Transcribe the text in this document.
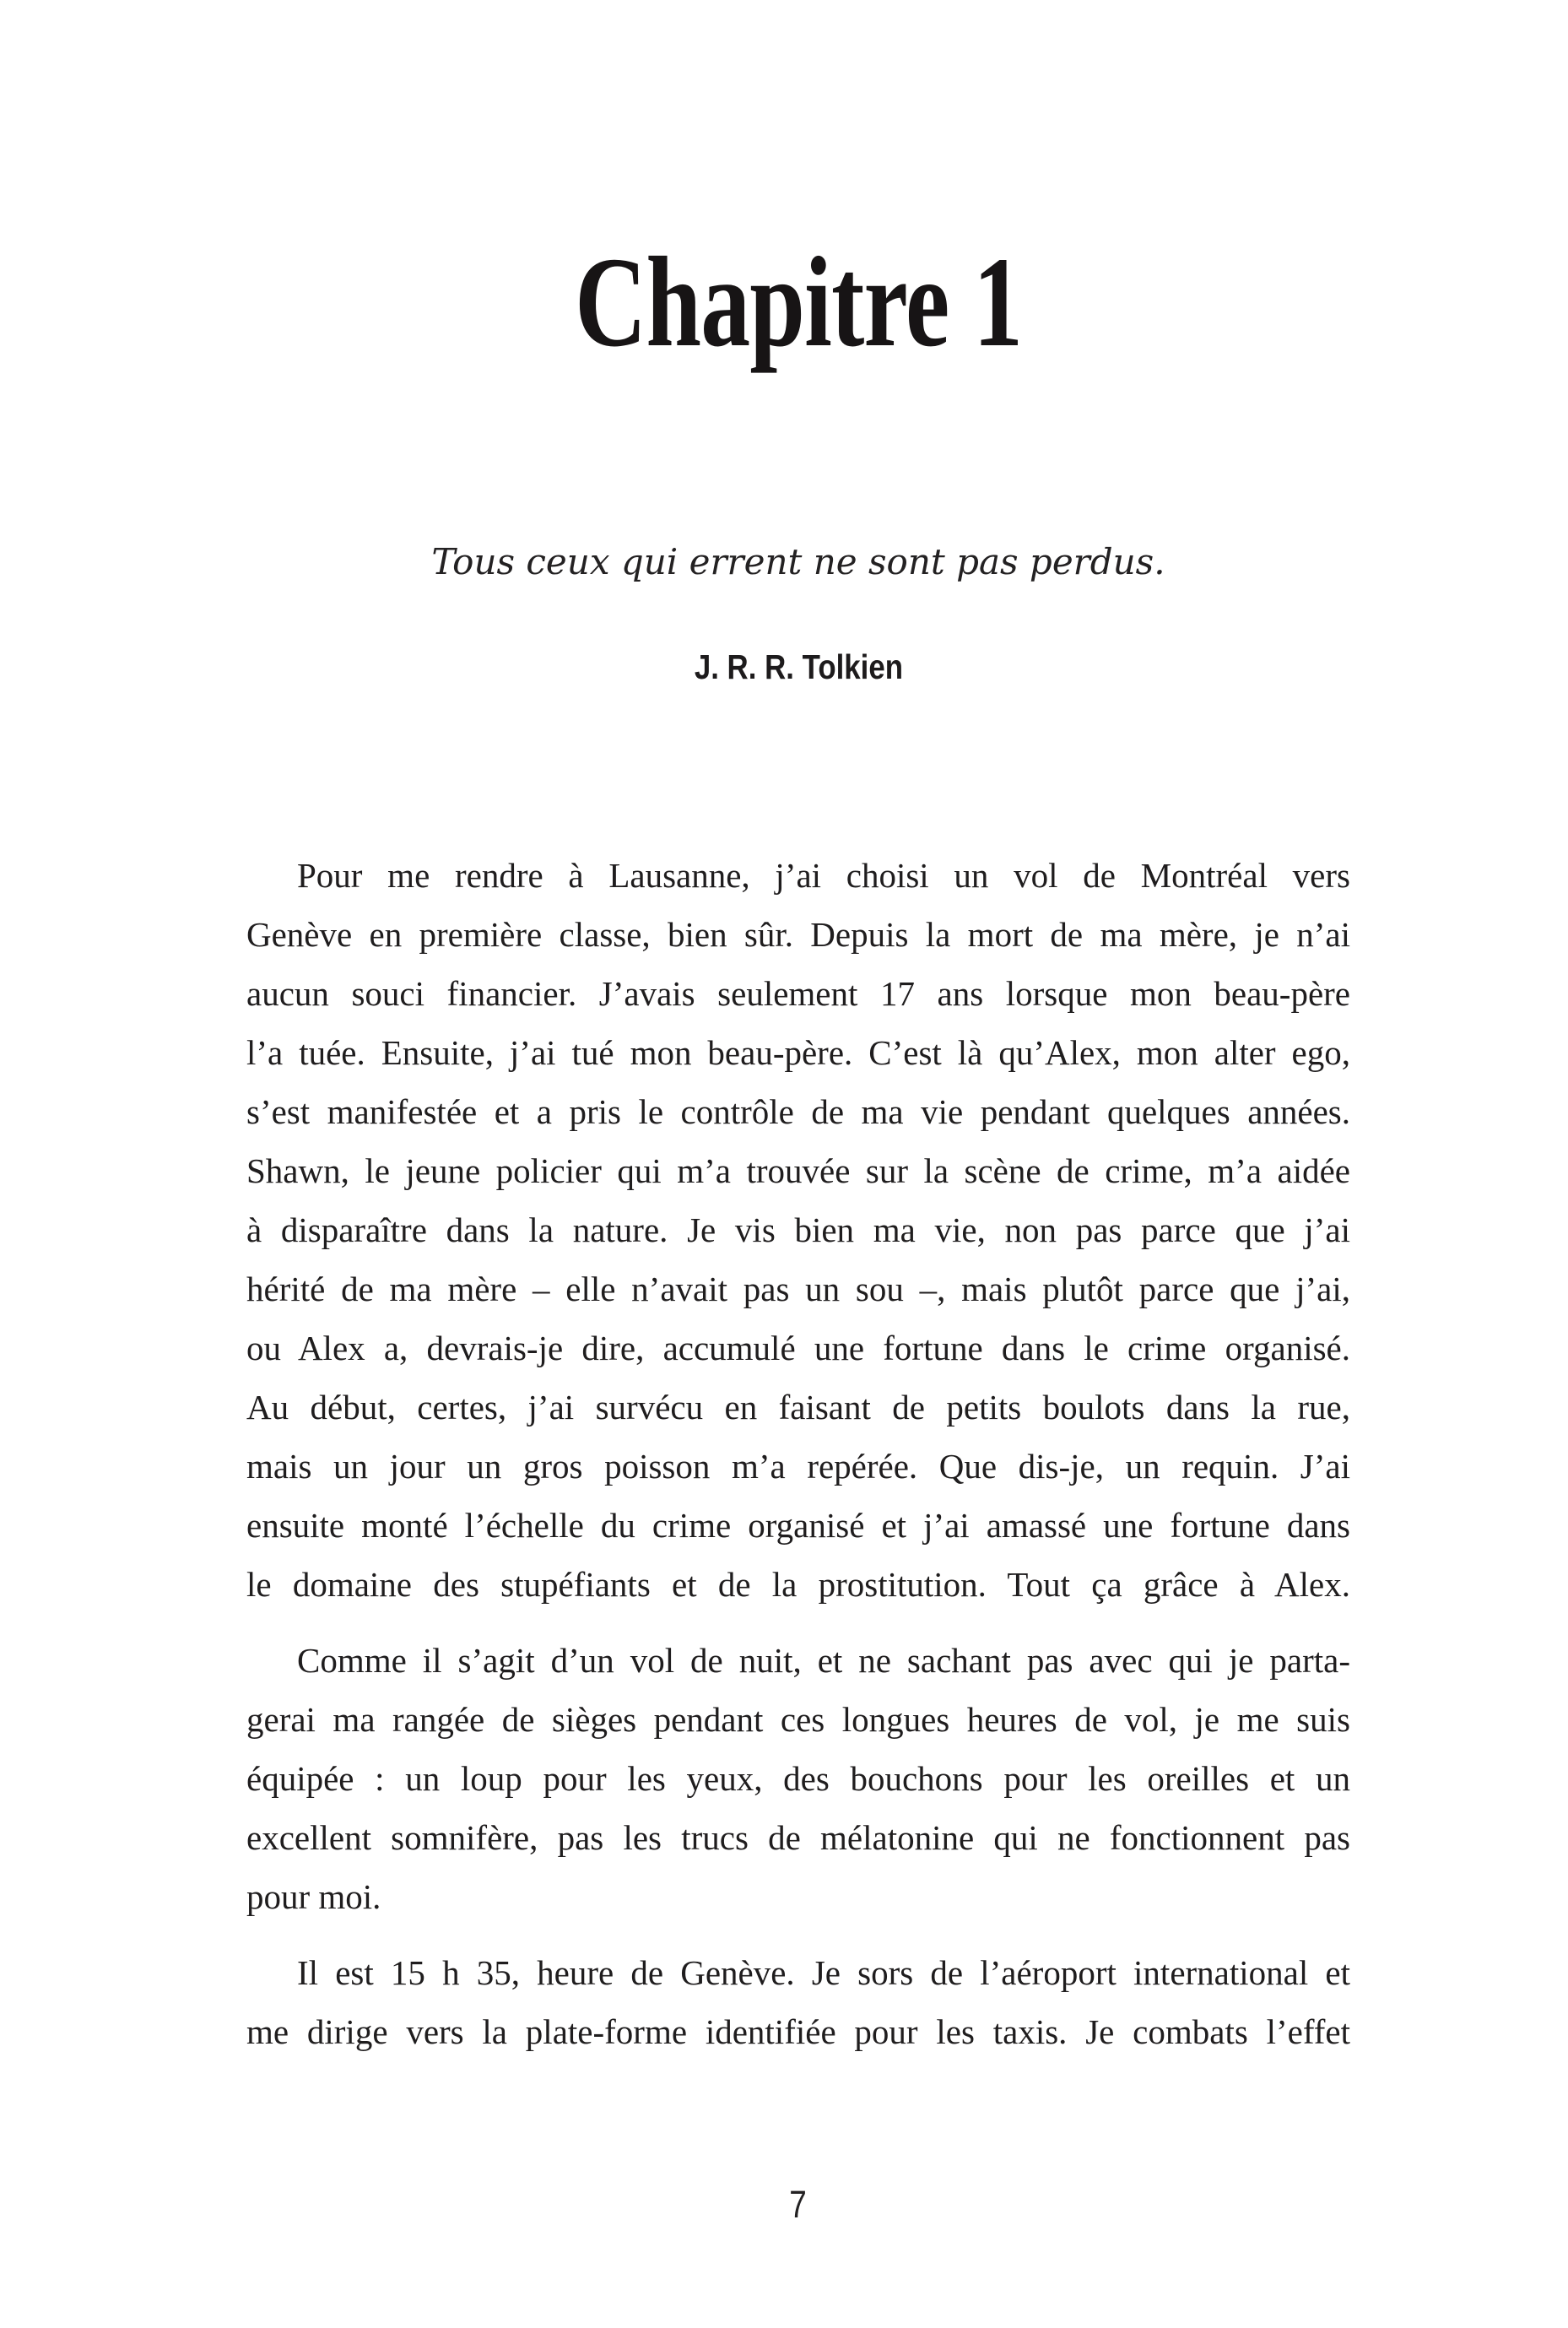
Chapitre 1
Tous ceux qui errent ne sont pas perdus.
J. R. R. Tolkien
Pour me rendre à Lausanne, j’ai choisi un vol de Montréal vers
Genève en première classe, bien sûr. Depuis la mort de ma mère, je n’ai
aucun souci financier. J’avais seulement 17 ans lorsque mon beau-père
l’a tuée. Ensuite, j’ai tué mon beau-père. C’est là qu’Alex, mon alter ego,
s’est manifestée et a pris le contrôle de ma vie pendant quelques années.
Shawn, le jeune policier qui m’a trouvée sur la scène de crime, m’a aidée
à disparaître dans la nature. Je vis bien ma vie, non pas parce que j’ai
hérité de ma mère – elle n’avait pas un sou –, mais plutôt parce que j’ai,
ou Alex a, devrais-je dire, accumulé une fortune dans le crime organisé.
Au début, certes, j’ai survécu en faisant de petits boulots dans la rue,
mais un jour un gros poisson m’a repérée. Que dis-je, un requin. J’ai
ensuite monté l’échelle du crime organisé et j’ai amassé une fortune dans
le domaine des stupéfiants et de la prostitution. Tout ça grâce à Alex.
Comme il s’agit d’un vol de nuit, et ne sachant pas avec qui je parta-
gerai ma rangée de sièges pendant ces longues heures de vol, je me suis
équipée : un loup pour les yeux, des bouchons pour les oreilles et un
excellent somnifère, pas les trucs de mélatonine qui ne fonctionnent pas
pour moi.
Il est 15 h 35, heure de Genève. Je sors de l’aéroport international et
me dirige vers la plate-forme identifiée pour les taxis. Je combats l’effet
7
